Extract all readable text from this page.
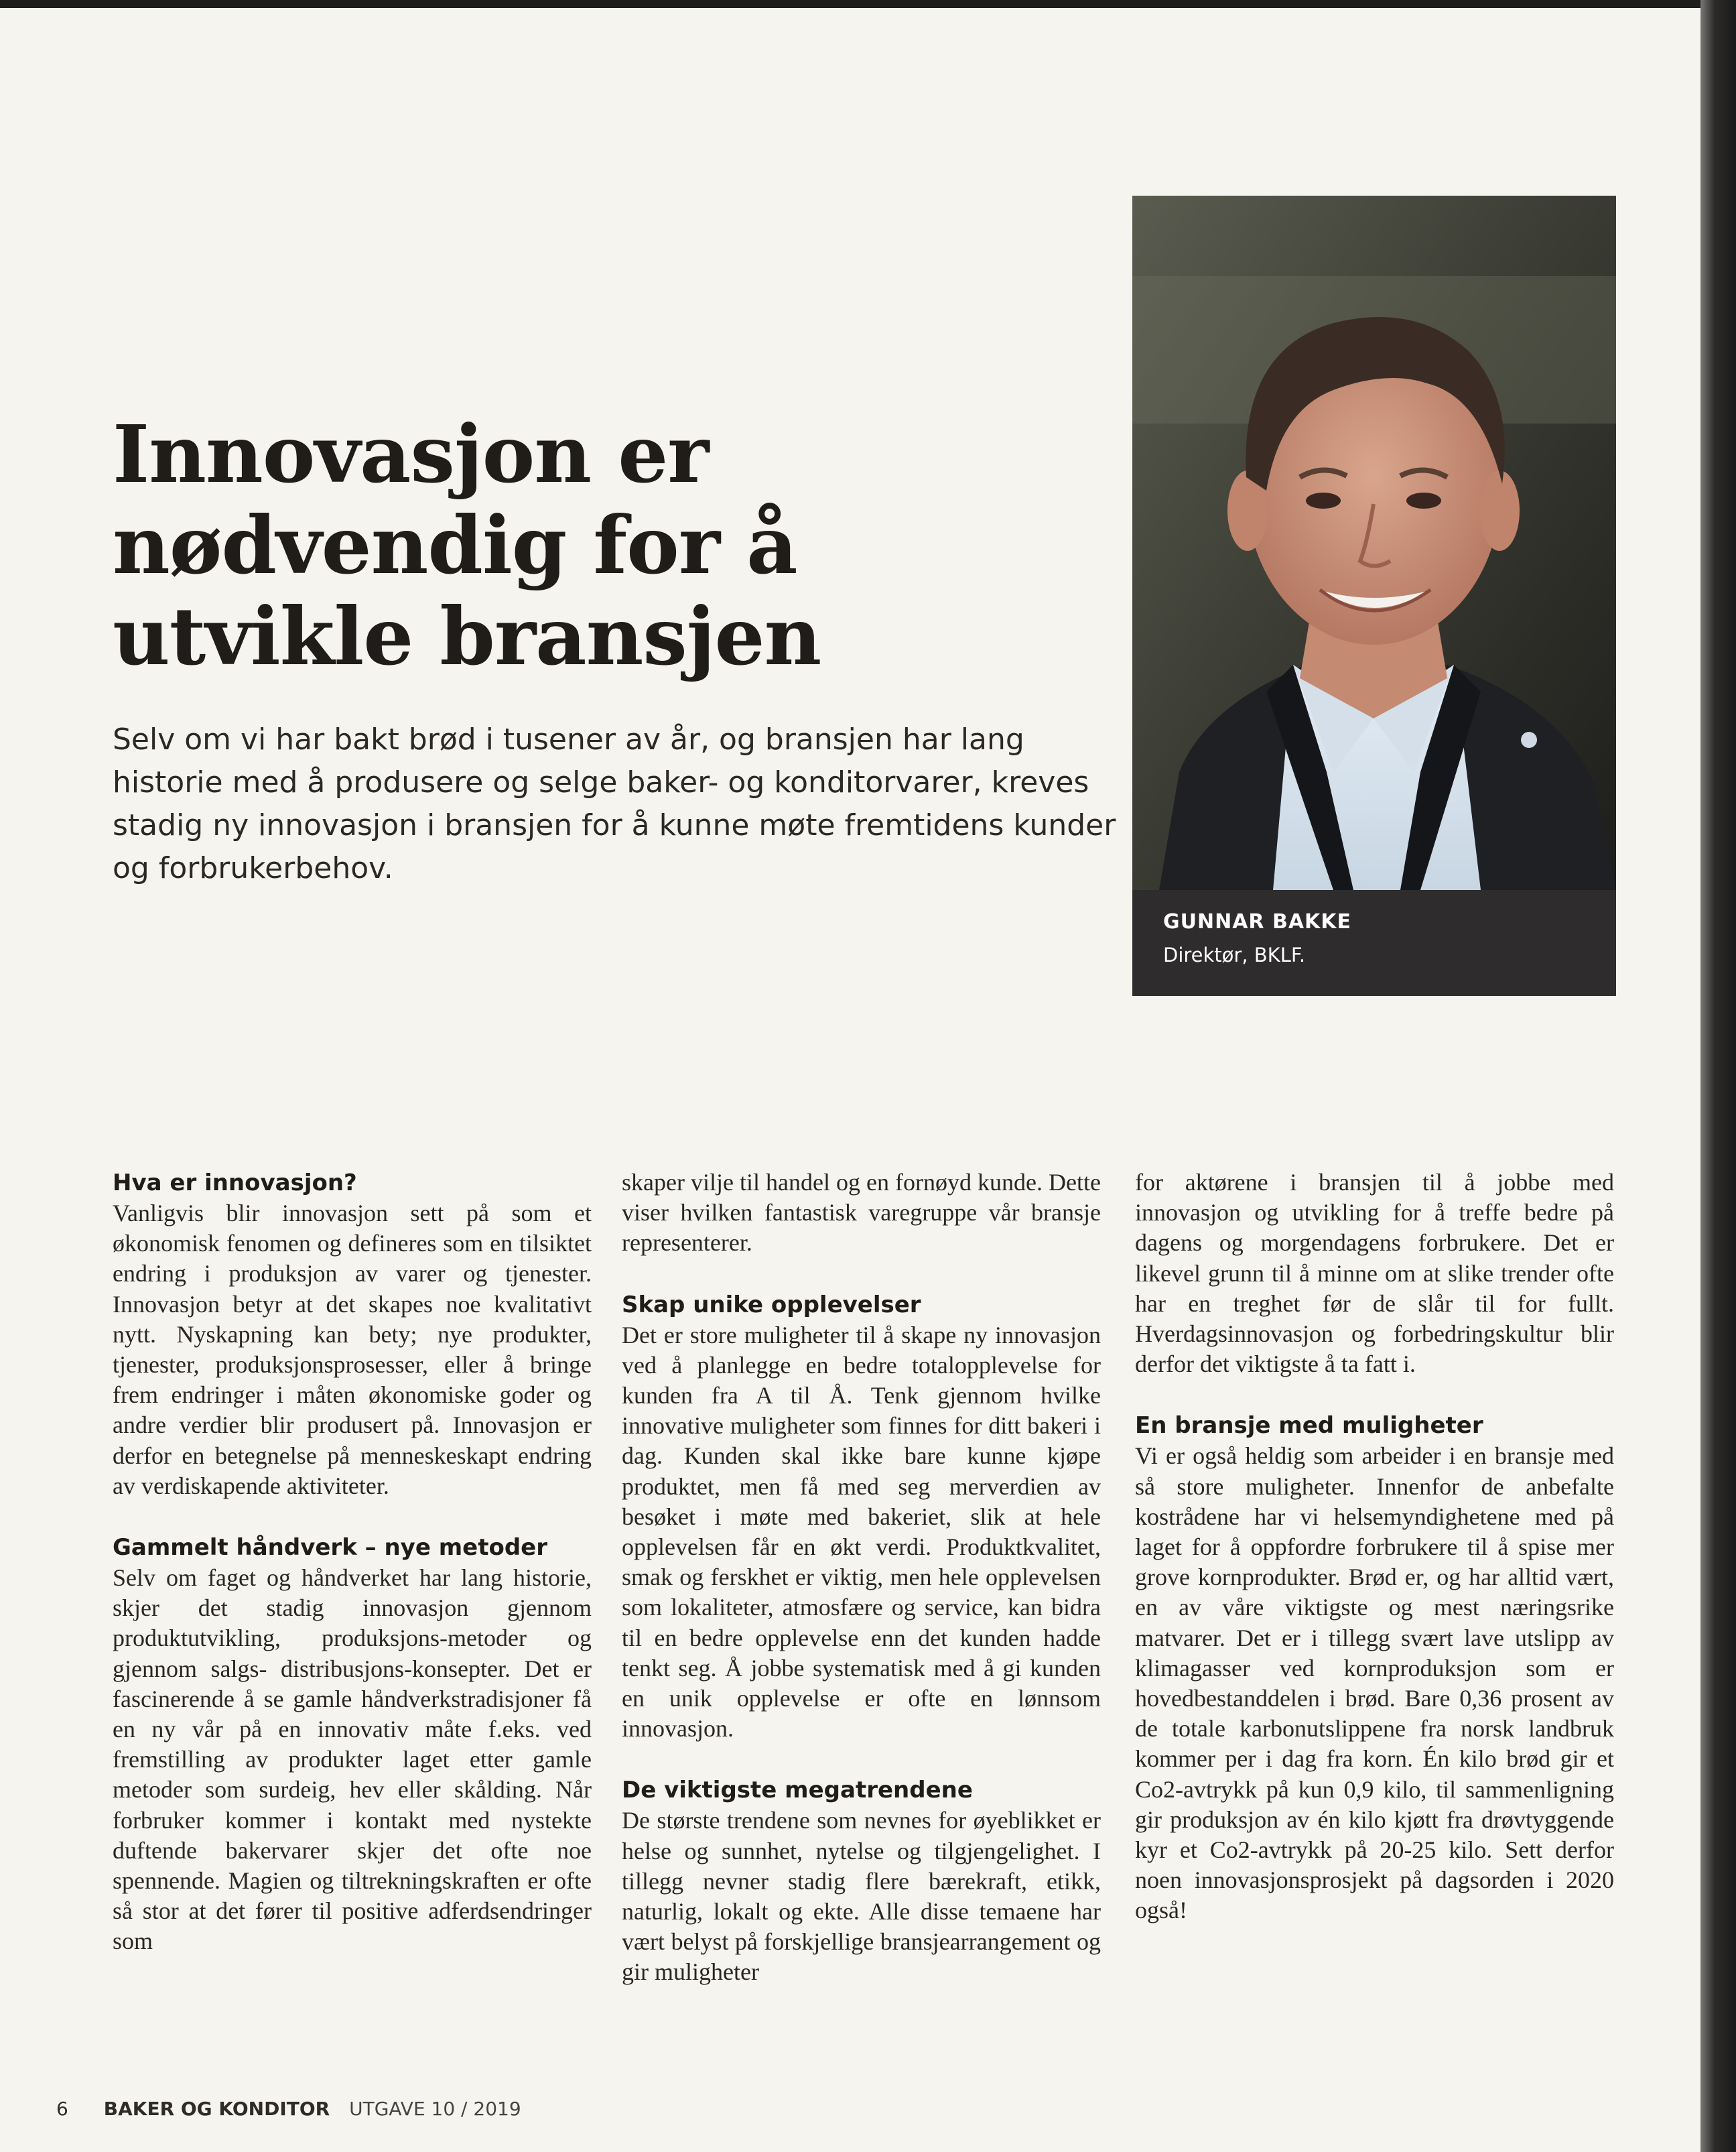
Innovasjon er nødvendig for å utvikle bransjen

Selv om vi har bakt brød i tusener av år, og bransjen har lang historie med å produsere og selge baker- og konditorvarer, kreves stadig ny innovasjon i bransjen for å kunne møte fremtidens kunder og forbrukerbehov.

GUNNAR BAKKE
Direktør, BKLF.
Hva er innovasjon?

Vanligvis blir innovasjon sett på som et økonomisk fenomen og defineres som en tilsiktet endring i produksjon av varer og tjenester. Innovasjon betyr at det skapes noe kvalitativt nytt. Nyskapning kan bety; nye produkter, tjenester, produksjonsprosesser, eller å bringe frem endringer i måten økonomiske goder og andre verdier blir produsert på. Innovasjon er derfor en betegnelse på menneskeskapt endring av verdiskapende aktiviteter.

Gammelt håndverk – nye metoder

Selv om faget og håndverket har lang historie, skjer det stadig innovasjon gjennom produktutvikling, produksjons-metoder og gjennom salgs- distribusjons-konsepter. Det er fascinerende å se gamle håndverkstradisjoner få en ny vår på en innovativ måte f.eks. ved fremstilling av produkter laget etter gamle metoder som surdeig, hev eller skålding. Når forbruker kommer i kontakt med nystekte duftende bakervarer skjer det ofte noe spennende. Magien og tiltrekningskraften er ofte så stor at det fører til positive adferdsendringer som

skaper vilje til handel og en fornøyd kunde. Dette viser hvilken fantastisk varegruppe vår bransje representerer.

Skap unike opplevelser

Det er store muligheter til å skape ny innovasjon ved å planlegge en bedre totalopplevelse for kunden fra A til Å. Tenk gjennom hvilke innovative muligheter som finnes for ditt bakeri i dag. Kunden skal ikke bare kunne kjøpe produktet, men få med seg merverdien av besøket i møte med bakeriet, slik at hele opplevelsen får en økt verdi. Produktkvalitet, smak og ferskhet er viktig, men hele opplevelsen som lokaliteter, atmosfære og service, kan bidra til en bedre opplevelse enn det kunden hadde tenkt seg. Å jobbe systematisk med å gi kunden en unik opplevelse er ofte en lønnsom innovasjon.

De viktigste megatrendene

De største trendene som nevnes for øyeblikket er helse og sunnhet, nytelse og tilgjengelighet. I tillegg nevner stadig flere bærekraft, etikk, naturlig, lokalt og ekte. Alle disse temaene har vært belyst på forskjellige bransjearrangement og gir muligheter

for aktørene i bransjen til å jobbe med innovasjon og utvikling for å treffe bedre på dagens og morgendagens forbrukere. Det er likevel grunn til å minne om at slike trender ofte har en treghet før de slår til for fullt. Hverdagsinnovasjon og forbedringskultur blir derfor det viktigste å ta fatt i.

En bransje med muligheter

Vi er også heldig som arbeider i en bransje med så store muligheter. Innenfor de anbefalte kostrådene har vi helsemyndighetene med på laget for å oppfordre forbrukere til å spise mer grove kornprodukter. Brød er, og har alltid vært, en av våre viktigste og mest næringsrike matvarer. Det er i tillegg svært lave utslipp av klimagasser ved kornproduksjon som er hovedbestanddelen i brød. Bare 0,36 prosent av de totale karbonutslippene fra norsk landbruk kommer per i dag fra korn. Én kilo brød gir et Co2-avtrykk på kun 0,9 kilo, til sammenligning gir produksjon av én kilo kjøtt fra drøvtyggende kyr et Co2-avtrykk på 20-25 kilo. Sett derfor noen innovasjonsprosjekt på dagsorden i 2020 også!

6 BAKER OG KONDITOR UTGAVE 10 / 2019
